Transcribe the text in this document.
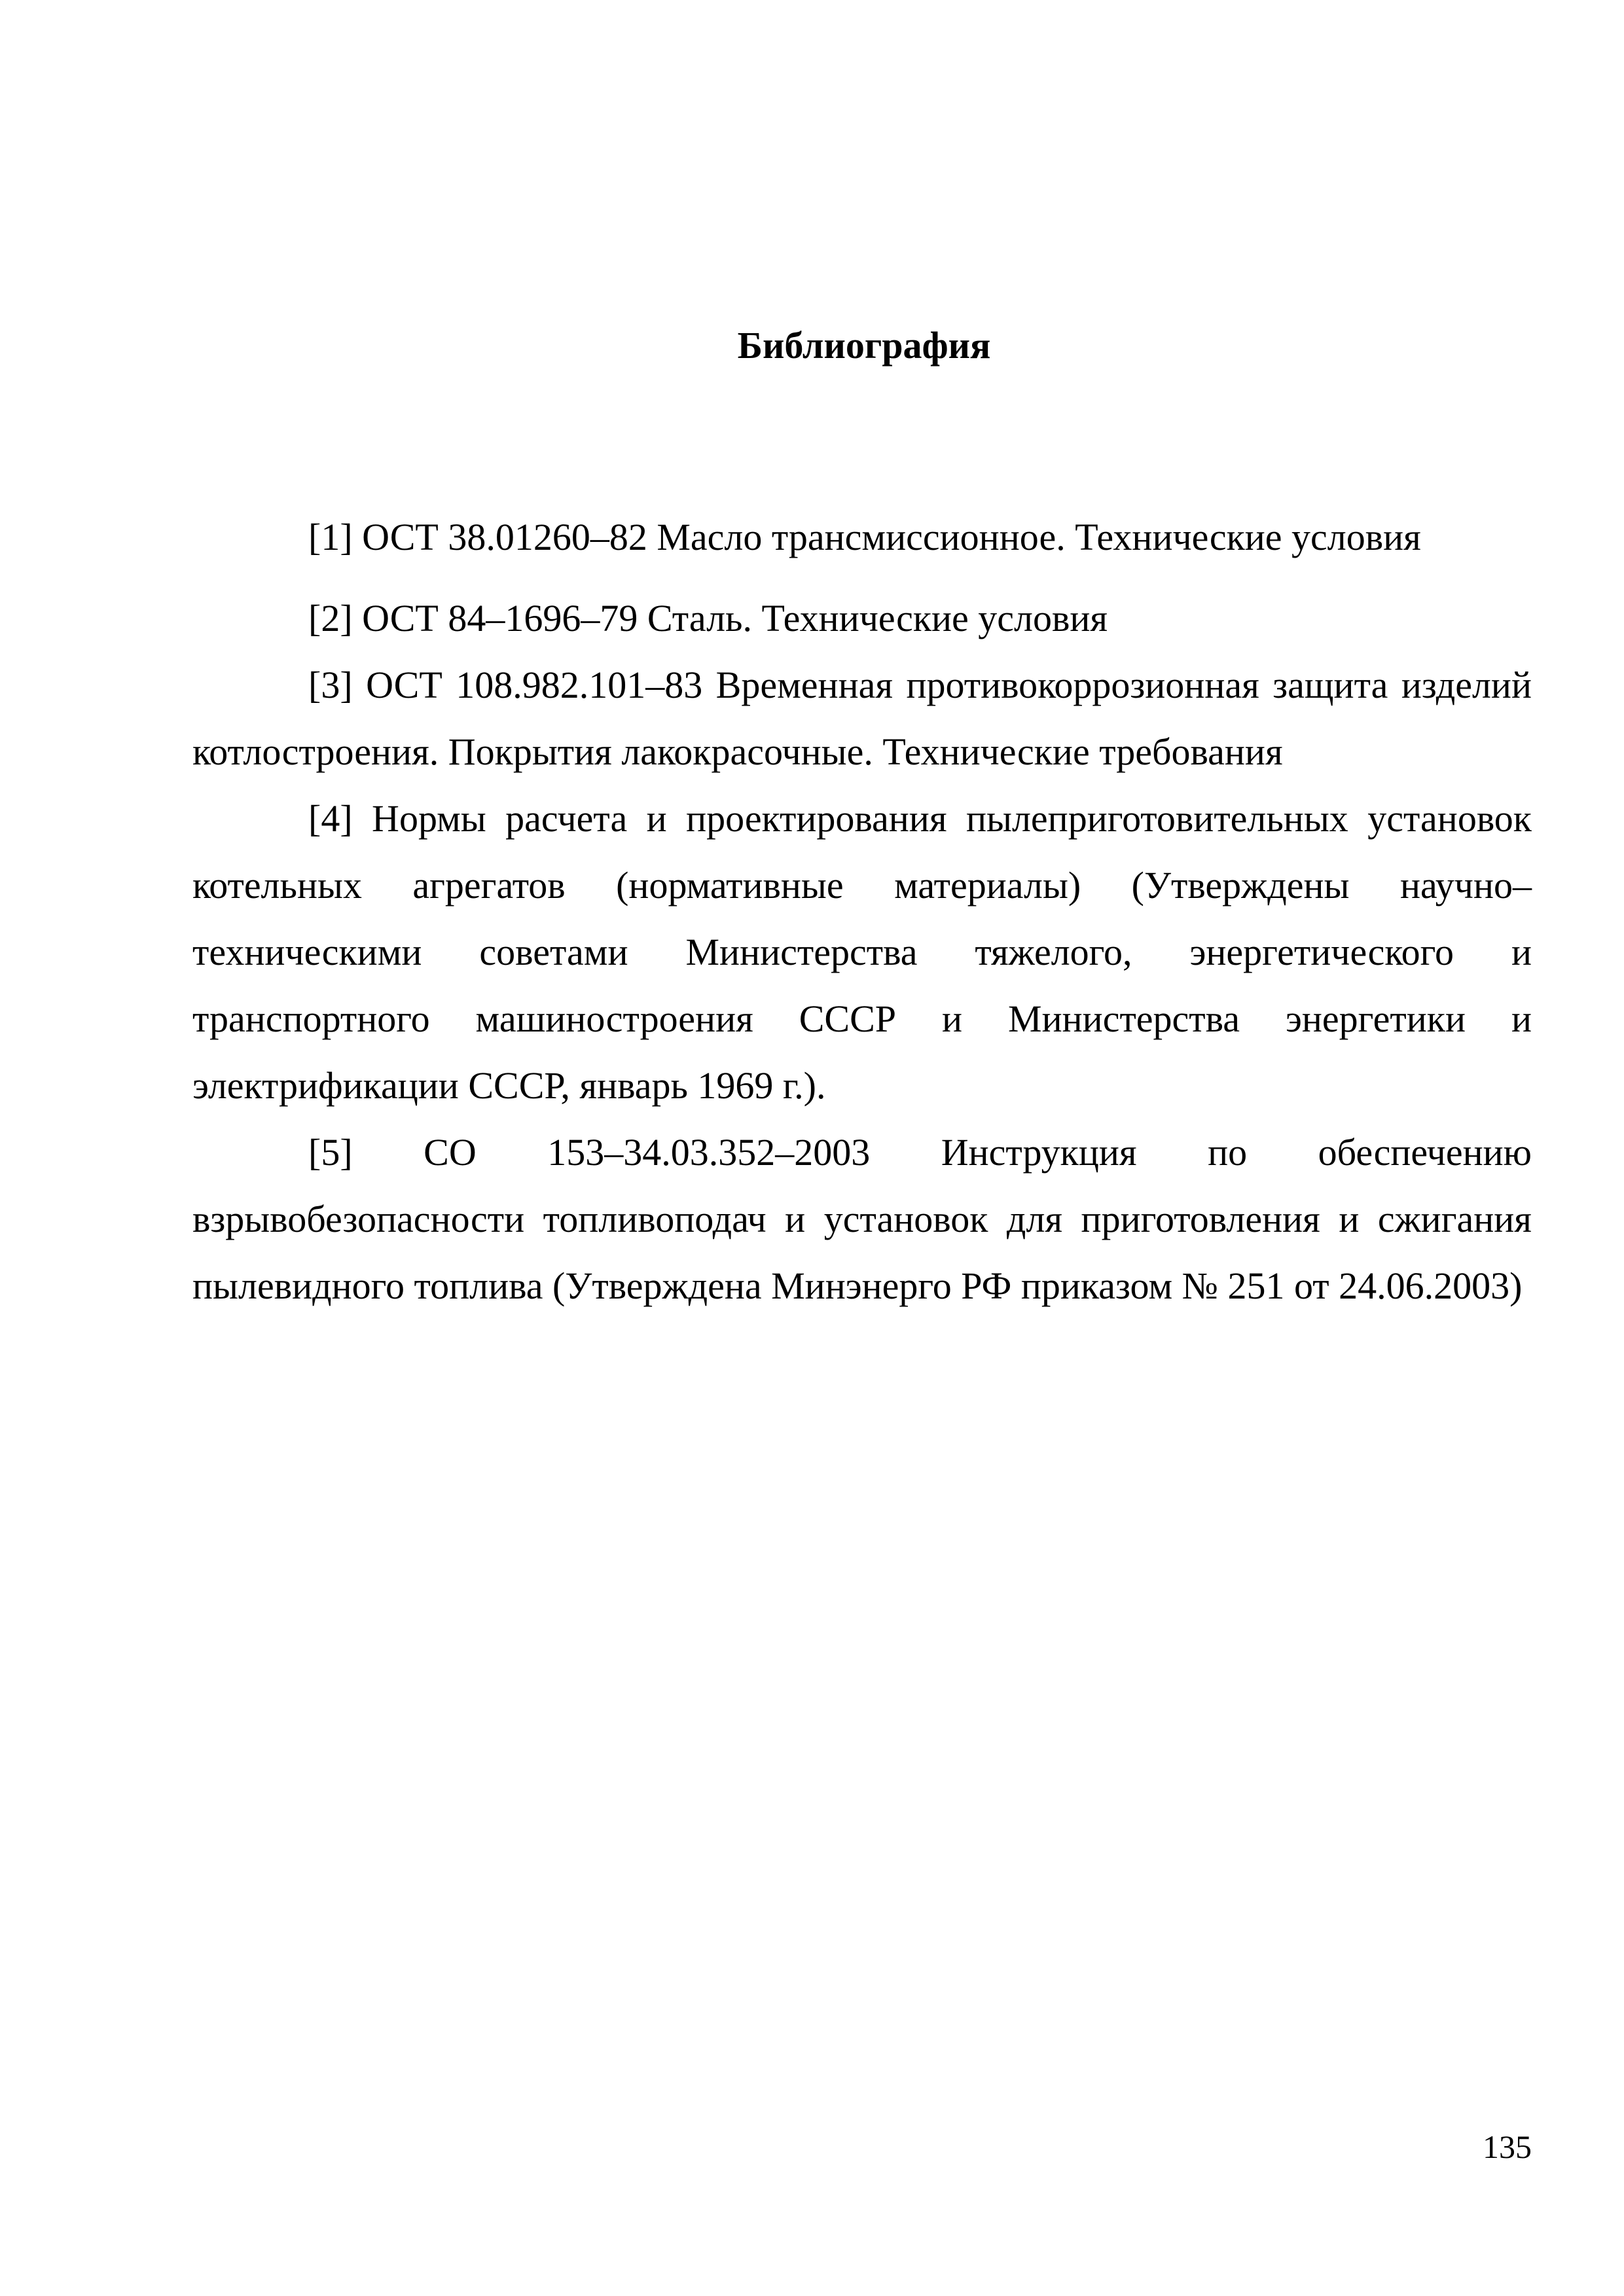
Библиография
[1] ОСТ 38.01260–82 Масло трансмиссионное. Технические условия
[2] ОСТ 84–1696–79 Сталь. Технические условия
[3] ОСТ 108.982.101–83 Временная противокоррозионная защита изделий котлостроения. Покрытия лакокрасочные. Технические требования
[4] Нормы расчета и проектирования пылеприготовительных установок котельных агрегатов (нормативные материалы) (Утверждены научно–техническими советами Министерства тяжелого, энергетического и транспортного машиностроения СССР и Министерства энергетики и электрификации СССР, январь 1969 г.).
[5] СО 153–34.03.352–2003 Инструкция по обеспечению взрывобезопасности топливоподач и установок для приготовления и сжигания пылевидного топлива (Утверждена Минэнерго РФ приказом № 251 от 24.06.2003)
135
